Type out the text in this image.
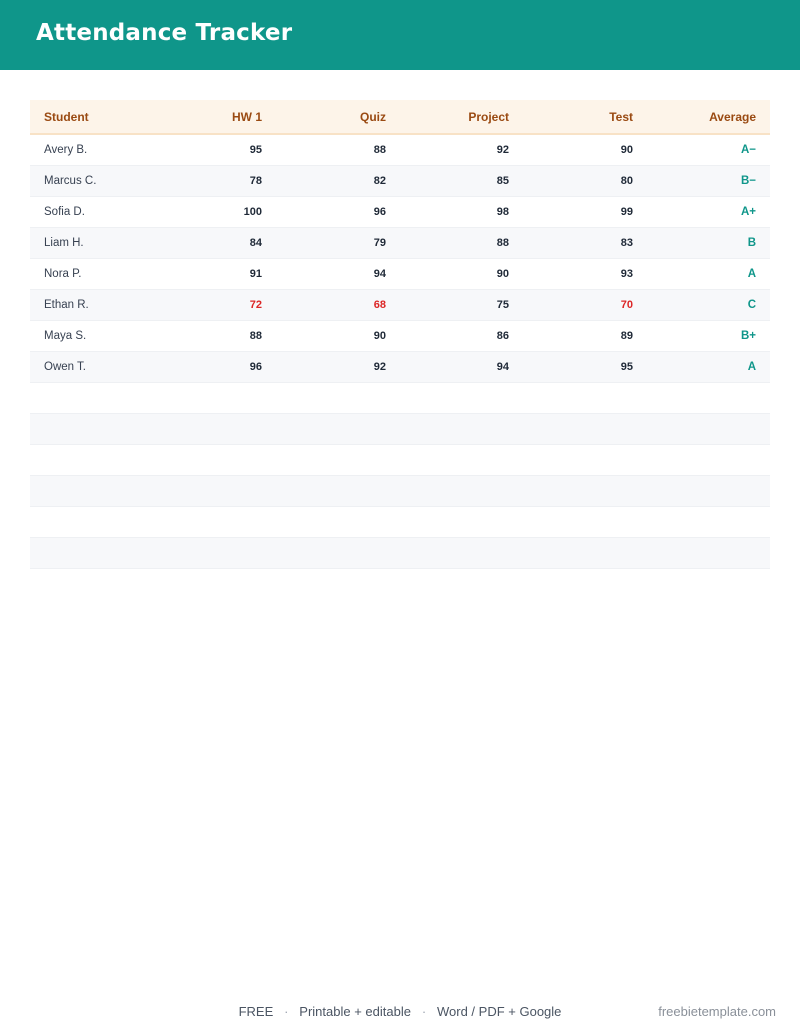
Attendance Tracker
Student	HW 1	Quiz	Project	Test	Average
Avery B.	95	88	92	90	A−
Marcus C.	78	82	85	80	B−
Sofia D.	100	96	98	99	A+
Liam H.	84	79	88	83	B
Nora P.	91	94	90	93	A
Ethan R.	72	68	75	70	C
Maya S.	88	90	86	89	B+
Owen T.	96	92	94	95	A
FREE · Printable + editable · Word / PDF + Google	freebietemplate.com
